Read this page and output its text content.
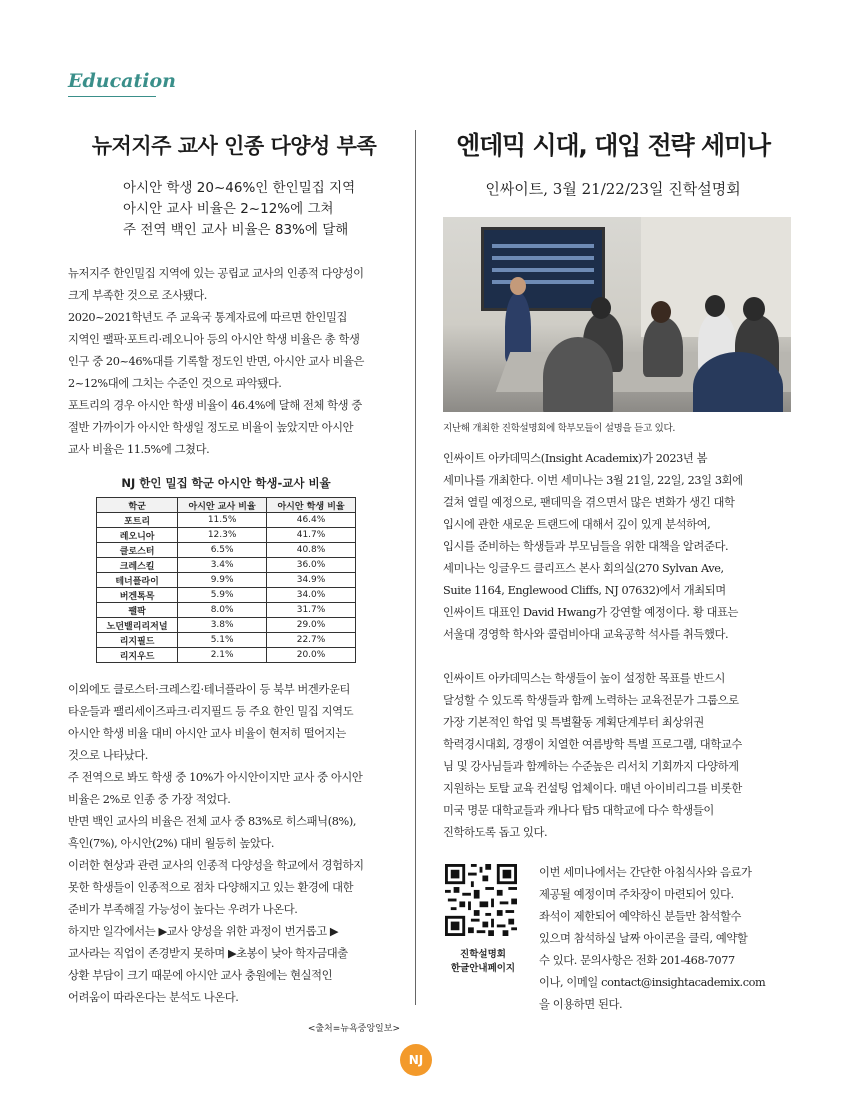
Education
뉴저지주 교사 인종 다양성 부족
아시안 학생 20~46%인 한인밀집 지역
아시안 교사 비율은 2~12%에 그쳐
주 전역 백인 교사 비율은 83%에 달해

뉴저지주 한인밀집 지역에 있는 공립교 교사의 인종적 다양성이

크게 부족한 것으로 조사됐다.

2020~2021학년도 주 교육국 통계자료에 따르면 한인밀집

지역인 팰팍·포트리·레오니아 등의 아시안 학생 비율은 총 학생

인구 중 20~46%대를 기록할 정도인 반면, 아시안 교사 비율은

2~12%대에 그치는 수준인 것으로 파악됐다.

포트리의 경우 아시안 학생 비율이 46.4%에 달해 전체 학생 중

절반 가까이가 아시안 학생일 정도로 비율이 높았지만 아시안

교사 비율은 11.5%에 그쳤다.

NJ 한인 밀집 학군 아시안 학생-교사 비율
학군	아시안 교사 비율	아시안 학생 비율
포트리	11.5%	46.4%
레오니아	12.3%	41.7%
클로스터	6.5%	40.8%
크레스킬	3.4%	36.0%
테너플라이	9.9%	34.9%
버겐톡목	5.9%	34.0%
팰팍	8.0%	31.7%
노던밸리리저널	3.8%	29.0%
리지필드	5.1%	22.7%
리지우드	2.1%	20.0%

이외에도 클로스터·크레스킬·테너플라이 등 북부 버겐카운티

타운들과 팰리세이즈파크·리지필드 등 주요 한인 밀집 지역도

아시안 학생 비율 대비 아시안 교사 비율이 현저히 떨어지는

것으로 나타났다.

주 전역으로 봐도 학생 중 10%가 아시안이지만 교사 중 아시안

비율은 2%로 인종 중 가장 적었다.

반면 백인 교사의 비율은 전체 교사 중 83%로 히스패닉(8%),

흑인(7%), 아시안(2%) 대비 월등히 높았다.

이러한 현상과 관련 교사의 인종적 다양성을 학교에서 경험하지

못한 학생들이 인종적으로 점차 다양해지고 있는 환경에 대한

준비가 부족해질 가능성이 높다는 우려가 나온다.

하지만 일각에서는 ▶교사 양성을 위한 과정이 번거롭고 ▶

교사라는 직업이 존경받지 못하며 ▶초봉이 낮아 학자금대출

상환 부담이 크기 때문에 아시안 교사 충원에는 현실적인

어려움이 따라온다는 분석도 나온다.

<출처=뉴욕중앙일보>
엔데믹 시대, 대입 전략 세미나
인싸이트, 3월 21/22/23일 진학설명회
지난해 개최한 진학설명회에 학부모들이 설명을 듣고 있다.

인싸이트 아카데믹스(Insight Academix)가 2023년 봄

세미나를 개최한다. 이번 세미나는 3월 21일, 22일, 23일 3회에

걸쳐 열릴 예정으로, 팬데믹을 겪으면서 많은 변화가 생긴 대학

입시에 관한 새로운 트랜드에 대해서 깊이 있게 분석하여,

입시를 준비하는 학생들과 부모님들을 위한 대책을 알려준다.

세미나는 잉글우드 클리프스 본사 회의실(270 Sylvan Ave,

Suite 1164, Englewood Cliffs, NJ 07632)에서 개최되며

인싸이트 대표인 David Hwang가 강연할 예정이다. 황 대표는

서울대 경영학 학사와 콜럼비아대 교육공학 석사를 취득했다.

인싸이트 아카데믹스는 학생들이 높이 설정한 목표를 반드시

달성할 수 있도록 학생들과 함께 노력하는 교육전문가 그룹으로

가장 기본적인 학업 및 특별활동 계획단계부터 최상위권

학력경시대회, 경쟁이 치열한 여름방학 특별 프로그램, 대학교수

님 및 강사님들과 함께하는 수준높은 리서치 기회까지 다양하게

지원하는 토탈 교육 컨설팅 업체이다. 매년 아이비리그를 비롯한

미국 명문 대학교들과 캐나다 탑5 대학교에 다수 학생들이

진학하도록 돕고 있다.

진학설명회
한글안내페이지

이번 세미나에서는 간단한 아침식사와 음료가

제공될 예정이며 주차장이 마련되어 있다.

좌석이 제한되어 예약하신 분들만 참석할수

있으며 참석하실 날짜 아이콘을 클릭, 예약할

수 있다. 문의사항은 전화 201-468-7077

이나, 이메일 contact@insightacademix.com

을 이용하면 된다.

NJ
